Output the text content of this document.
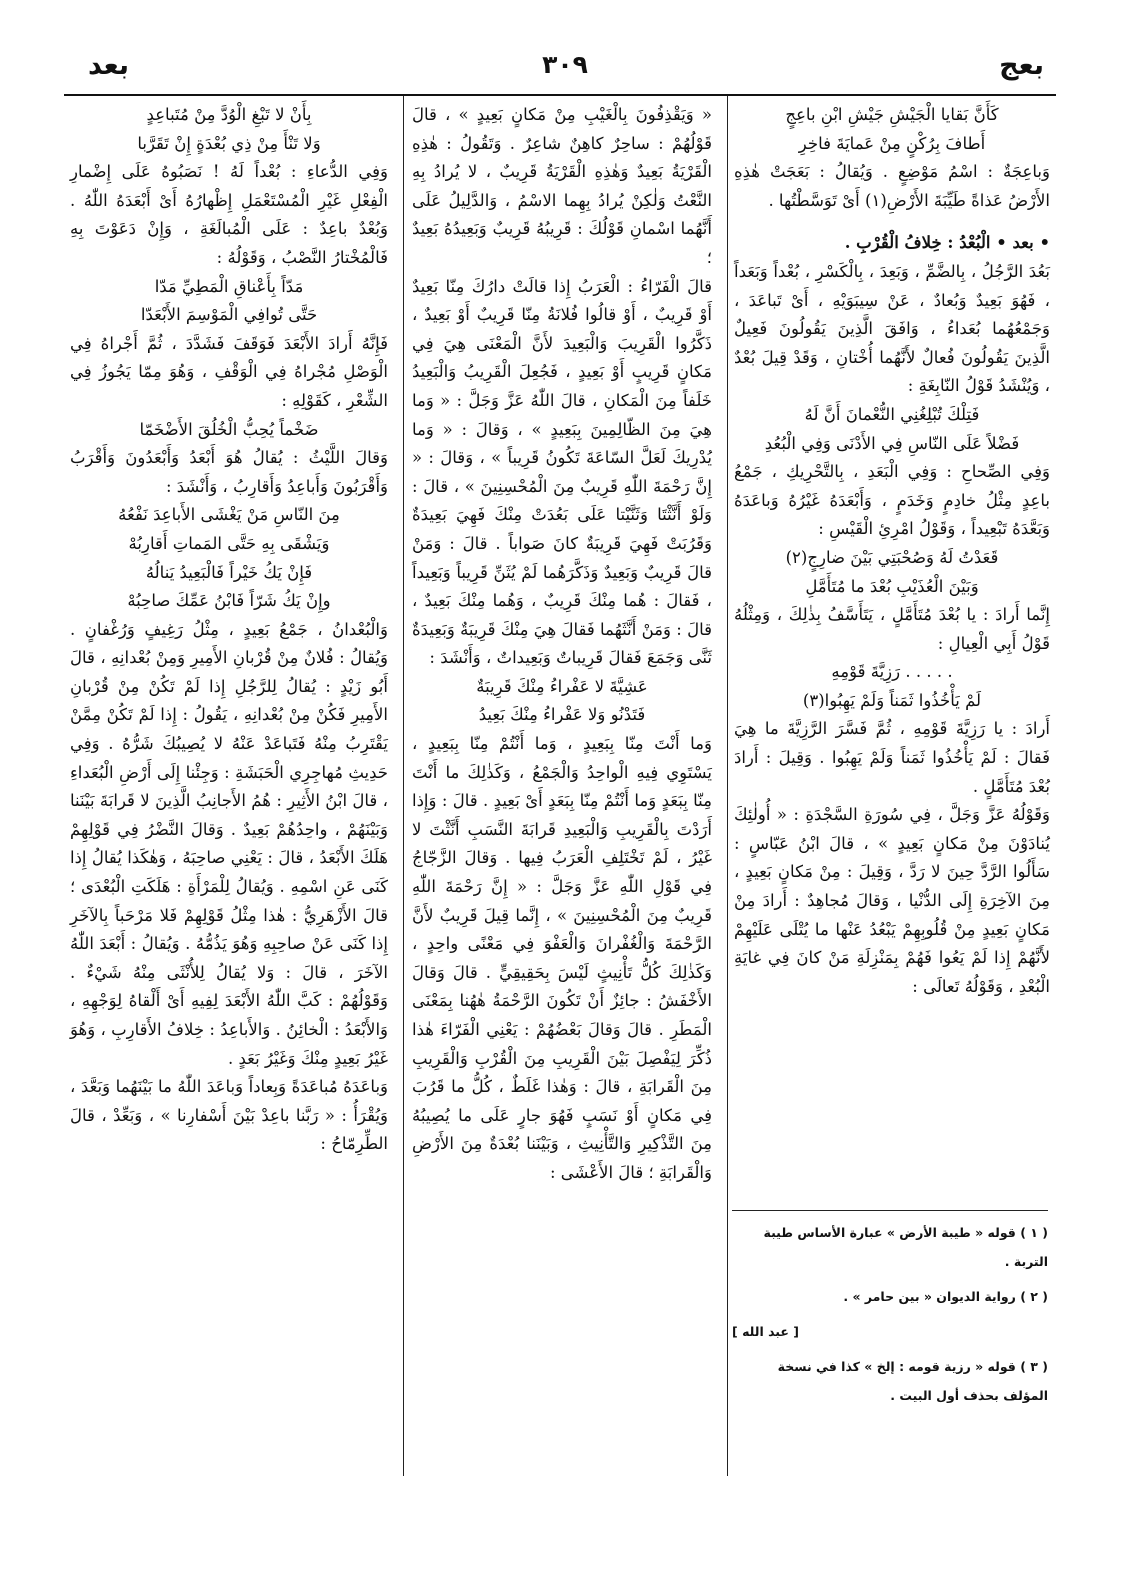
بعج
٣٠٩
بعد

كَأَنَّ بَقايا الْجَيْشِ جَيْشِ ابْنِ باعِجٍ

أَطافَ بِرُكْنٍ مِنْ عَمايَةَ فاخِرِ

وَباعِجَةٌ : اسْمُ مَوْضِعٍ . وَيُقالُ : بَعَجَتْ هٰذِهِ الأَرْضُ عَذاةً طَيِّبَةَ الأَرْضِ(١) أَىْ تَوَسَّطْتُها .

• بعد • الْبُعْدُ : خِلافُ الْقُرْبِ .

بَعُدَ الرَّجُلُ ، بِالضَّمِّ ، وَبَعِدَ ، بِالْكَسْرِ ، بُعْداً وَبَعَداً ، فَهُوَ بَعِيدٌ وَبُعادٌ ، عَنْ سِيبَوَيْهِ ، أَىْ تَباعَدَ ، وَجَمْعُهُما بُعَداءُ ، وَافَقَ الَّذِينَ يَقُولُونَ فَعِيلٌ الَّذِينَ يَقُولُونَ فُعالٌ لأَنَّهُما أُخْتانِ ، وَقَدْ قِيلَ بُعْدٌ ، وَيُنْشَدُ قَوْلُ النّابِغَةِ :

فَتِلْكَ تُبْلِغُنِي النُّعْمانَ أَنَّ لَهُ

فَضْلاً عَلَى النّاسِ فِي الأَدْنَى وَفِي الْبُعُدِ

وَفِي الصِّحاحِ : وَفِي الْبَعَدِ ، بِالتَّحْرِيكِ ، جَمْعُ باعِدٍ مِثْلُ خادِمٍ وَخَدَمٍ ، وَأَبْعَدَهُ غَيْرُهُ وَباعَدَهُ وَبَعَّدَهُ تَبْعِيداً ، وَقَوْلُ امْرِئِ الْقَيْسِ :

قَعَدْتُ لَهُ وَصُحْبَتِي بَيْنَ ضارِجٍ(٢)

وَبَيْنَ الْعُذَيْبِ بُعْدَ ما مُتَأَمَّلِ

إِنَّما أَرادَ : يا بُعْدَ مُتَأَمَّلٍ ، يَتَأَسَّفُ بِذٰلِكَ ، وَمِثْلُهُ قَوْلُ أَبِي الْعِيالِ :

. . . . . رَزِيَّةَ قَوْمِهِ

لَمْ يَأْخُذُوا ثَمَناً وَلَمْ يَهِبُوا(٣)

أَرادَ : يا رَزِيَّةَ قَوْمِهِ ، ثُمَّ فَسَّرَ الرَّزِيَّةَ ما هِيَ فَقالَ : لَمْ يَأْخُذُوا ثَمَناً وَلَمْ يَهِبُوا . وَقِيلَ : أَرادَ بُعْدَ مُتَأَمَّلٍ .

وَقَوْلُهُ عَزَّ وَجَلَّ ، فِي سُورَةِ السَّجْدَةِ : « أُولٰئِكَ يُنادَوْنَ مِنْ مَكانٍ بَعِيدٍ » ، قالَ ابْنُ عَبّاسٍ : سَأَلُوا الرَّدَّ حِينَ لا رَدَّ ، وَقِيلَ : مِنْ مَكانٍ بَعِيدٍ ، مِنَ الآخِرَةِ إِلَى الدُّنْيا ، وَقالَ مُجاهِدٌ : أَرادَ مِنْ مَكانٍ بَعِيدٍ مِنْ قُلُوبِهِمْ يَبْعُدُ عَنْها ما يُتْلَى عَلَيْهِمْ لأَنَّهُمْ إِذا لَمْ يَعُوا فَهُمْ بِمَنْزِلَةِ مَنْ كانَ فِي غايَةِ الْبُعْدِ ، وَقَوْلُهُ تَعالَى :

( ١ ) قوله « طيبة الأرض » عبارة الأساس طيبة التربة .

( ٢ ) رواية الديوان « بين حامر » .

[ عبد الله ]

( ٣ ) قوله « رزية قومه : إلخ » كذا في نسخة المؤلف بحذف أول البيت .

« وَيَقْذِفُونَ بِالْغَيْبِ مِنْ مَكانٍ بَعِيدٍ » ، قالَ قَوْلُهُمْ : ساحِرٌ كاهِنٌ شاعِرٌ . وَتَقُولُ : هٰذِهِ الْقَرْيَةُ بَعِيدٌ وَهٰذِهِ الْقَرْيَةُ قَرِيبٌ ، لا يُرادُ بِهِ النَّعْتُ وَلٰكِنْ يُرادُ بِهِما الاسْمُ ، وَالدَّلِيلُ عَلَى أَنَّهُما اسْمانِ قَوْلُكَ : قَرِيبُهُ قَرِيبٌ وَبَعِيدُهُ بَعِيدٌ ؛

قالَ الْفَرّاءُ : الْعَرَبُ إِذا قالَتْ دارُكَ مِنّا بَعِيدٌ أَوْ قَرِيبٌ ، أَوْ قالُوا فُلانَةُ مِنّا قَرِيبٌ أَوْ بَعِيدٌ ، ذَكَّرُوا الْقَرِيبَ وَالْبَعِيدَ لأَنَّ الْمَعْنَى هِيَ فِي مَكانٍ قَرِيبٍ أَوْ بَعِيدٍ ، فَجُعِلَ الْقَرِيبُ وَالْبَعِيدُ خَلَفاً مِنَ الْمَكانِ ، قالَ اللّٰهُ عَزَّ وَجَلَّ : « وَما هِيَ مِنَ الظّالِمِينَ بِبَعِيدٍ » ، وَقالَ : « وَما يُدْرِيكَ لَعَلَّ السّاعَةَ تَكُونُ قَرِيباً » ، وَقالَ : « إِنَّ رَحْمَةَ اللّٰهِ قَرِيبٌ مِنَ الْمُحْسِنِينَ » ، قالَ : وَلَوْ أَنَّثْتَا وَثَنَّيْتا عَلَى بَعُدَتْ مِنْكَ فَهِيَ بَعِيدَةٌ وَقَرُبَتْ فَهِيَ قَرِيبَةٌ كانَ صَواباً . قالَ : وَمَنْ قالَ قَرِيبٌ وَبَعِيدٌ وَذَكَّرَهُما لَمْ يُثَنِّ قَرِيباً وَبَعِيداً ، فَقالَ : هُما مِنْكَ قَرِيبٌ ، وَهُما مِنْكَ بَعِيدٌ ، قالَ : وَمَنْ أَنَّثَهُما فَقالَ هِيَ مِنْكَ قَرِيبَةٌ وَبَعِيدَةٌ ثَنَّى وَجَمَعَ فَقالَ قَرِيباتٌ وَبَعِيداتٌ ، وَأَنْشَدَ :

عَشِيَّةَ لا عَفْراءُ مِنْكَ قَرِيبَةٌ

فَتَدْنُو وَلا عَفْراءُ مِنْكَ بَعِيدُ

وَما أَنْتَ مِنّا بِبَعِيدٍ ، وَما أَنْتُمْ مِنّا بِبَعِيدٍ ، يَسْتَوِي فِيهِ الْواحِدُ وَالْجَمْعُ ، وَكَذٰلِكَ ما أَنْتَ مِنّا بِبَعَدٍ وَما أَنْتُمْ مِنّا بِبَعَدٍ أَىْ بَعِيدٍ . قالَ : وَإِذا أَرَدْتَ بِالْقَرِيبِ وَالْبَعِيدِ قَرابَةَ النَّسَبِ أَنَّثْتَ لا غَيْرُ ، لَمْ تَخْتَلِفِ الْعَرَبُ فِيها . وَقالَ الزَّجّاجُ فِي قَوْلِ اللّٰهِ عَزَّ وَجَلَّ : « إِنَّ رَحْمَةَ اللّٰهِ قَرِيبٌ مِنَ الْمُحْسِنِينَ » ، إِنَّما قِيلَ قَرِيبٌ لأَنَّ الرَّحْمَةَ وَالْغُفْرانَ وَالْعَفْوَ فِي مَعْنًى واحِدٍ ، وَكَذٰلِكَ كُلُّ تَأْنِيثٍ لَيْسَ بِحَقِيقِيٍّ . قالَ وَقالَ الأَخْفَشُ : جائِزٌ أَنْ تَكُونَ الرَّحْمَةُ هٰهُنا بِمَعْنَى الْمَطَرِ . قالَ وَقالَ بَعْضُهُمْ : يَعْنِي الْفَرّاءَ هٰذا ذُكِّرَ لِيَفْصِلَ بَيْنَ الْقَرِيبِ مِنَ الْقُرْبِ وَالْقَرِيبِ مِنَ الْقَرابَةِ ، قالَ : وَهٰذا غَلَطٌ ، كُلُّ ما قَرُبَ فِي مَكانٍ أَوْ نَسَبٍ فَهُوَ جارٍ عَلَى ما يُصِيبُهُ مِنَ التَّذْكِيرِ وَالتَّأْنِيثِ ، وَبَيْنَنا بُعْدَةٌ مِنَ الأَرْضِ وَالْقَرابَةِ ؛ قالَ الأَعْشَى :

بِأَنْ لا تَبْغِ الْوُدَّ مِنْ مُتَباعِدٍ

وَلا تَنْأَ مِنْ ذِي بُعْدَةٍ إِنْ تَقَرَّبا

وَفِي الدُّعاءِ : بُعْداً لَهُ ! نَصَبُوهُ عَلَى إِضْمارِ الْفِعْلِ غَيْرِ الْمُسْتَعْمَلِ إِظْهارُهُ أَىْ أَبْعَدَهُ اللّٰهُ . وَبُعْدٌ باعِدٌ : عَلَى الْمُبالَغَةِ ، وَإِنْ دَعَوْتَ بِهِ فَالْمُخْتارُ النَّصْبُ ، وَقَوْلُهُ :

مَدّاً بِأَعْناقِ الْمَطِيِّ مَدّا

حَتَّى تُوافِي الْمَوْسِمَ الأَبْعَدّا

فَإِنَّهُ أَرادَ الأَبْعَدَ فَوَقَفَ فَشَدَّدَ ، ثُمَّ أَجْراهُ فِي الْوَصْلِ مُجْراهُ فِي الْوَقْفِ ، وَهُوَ مِمّا يَجُوزُ فِي الشِّعْرِ ، كَقَوْلِهِ :

ضَخْماً يُحِبُّ الْخُلُقَ الأَضْخَمّا

وَقالَ اللَّيْثُ : يُقالُ هُوَ أَبْعَدُ وَأَبْعَدُونَ وَأَقْرَبُ وَأَقْرَبُونَ وَأَباعِدُ وَأَقارِبُ ، وَأَنْشَدَ :

مِنَ النّاسِ مَنْ يَغْشَى الأَباعِدَ نَفْعُهُ

وَيَشْقَى بِهِ حَتَّى المَماتِ أَقارِبُهْ

فَإِنْ يَكُ خَيْراً فَالْبَعِيدُ يَنالُهُ

وإِنْ يَكُ شَرّاً فَابْنُ عَمِّكَ صاحِبُهْ

وَالْبُعْدانُ ، جَمْعُ بَعِيدٍ ، مِثْلُ رَغِيفٍ وَرُغْفانٍ . وَيُقالُ : فُلانٌ مِنْ قُرْبانِ الأَمِيرِ وَمِنْ بُعْدانِهِ ، قالَ أَبُو زَيْدٍ : يُقالُ لِلرَّجُلِ إِذا لَمْ تَكُنْ مِنْ قُرْبانِ الأَمِيرِ فَكُنْ مِنْ بُعْدانِهِ ، يَقُولُ : إِذا لَمْ تَكُنْ مِمَّنْ يَقْتَرِبُ مِنْهُ فَتَباعَدْ عَنْهُ لا يُصِيبُكَ شَرُّهُ . وَفِي حَدِيثِ مُهاجِرِي الْحَبَشَةِ : وَجِئْنا إِلَى أَرْضِ الْبُعَداءِ ، قالَ ابْنُ الأَثِيرِ : هُمُ الأَجانِبُ الَّذِينَ لا قَرابَةَ بَيْنَنا وَبَيْنَهُمْ ، واحِدُهُمْ بَعِيدٌ . وَقالَ النَّضْرُ فِي قَوْلِهِمْ هَلَكَ الأَبْعَدُ ، قالَ : يَعْنِي صاحِبَهُ ، وَهٰكَذا يُقالُ إِذا كَنَى عَنِ اسْمِهِ . وَيُقالُ لِلْمَرْأَةِ : هَلَكَتِ الْبُعْدَى ؛ قالَ الأَزْهَرِيُّ : هٰذا مِثْلُ قَوْلِهِمْ فَلا مَرْحَباً بِالآخَرِ إِذا كَنَى عَنْ صاحِبِهِ وَهُوَ يَذُمُّهُ . وَيُقالُ : أَبْعَدَ اللّٰهُ الآخَرَ ، قالَ : وَلا يُقالُ لِلأُنْثَى مِنْهُ شَيْءٌ . وَقَوْلُهُمْ : كَبَّ اللّٰهُ الأَبْعَدَ لِفِيهِ أَىْ أَلْقاهُ لِوَجْهِهِ ، وَالأَبْعَدُ : الْخائِنُ . وَالأَباعِدُ : خِلافُ الأَقارِبِ ، وَهُوَ غَيْرُ بَعِيدٍ مِنْكَ وَغَيْرُ بَعَدٍ .

وَباعَدَهُ مُباعَدَةً وَبِعاداً وَباعَدَ اللّٰهُ ما بَيْنَهُما وَبَعَّدَ ، وَيُقْرَأُ : « رَبَّنا باعِدْ بَيْنَ أَسْفارِنا » ، وَبَعِّدْ ، قالَ الطِّرِمّاحُ :
